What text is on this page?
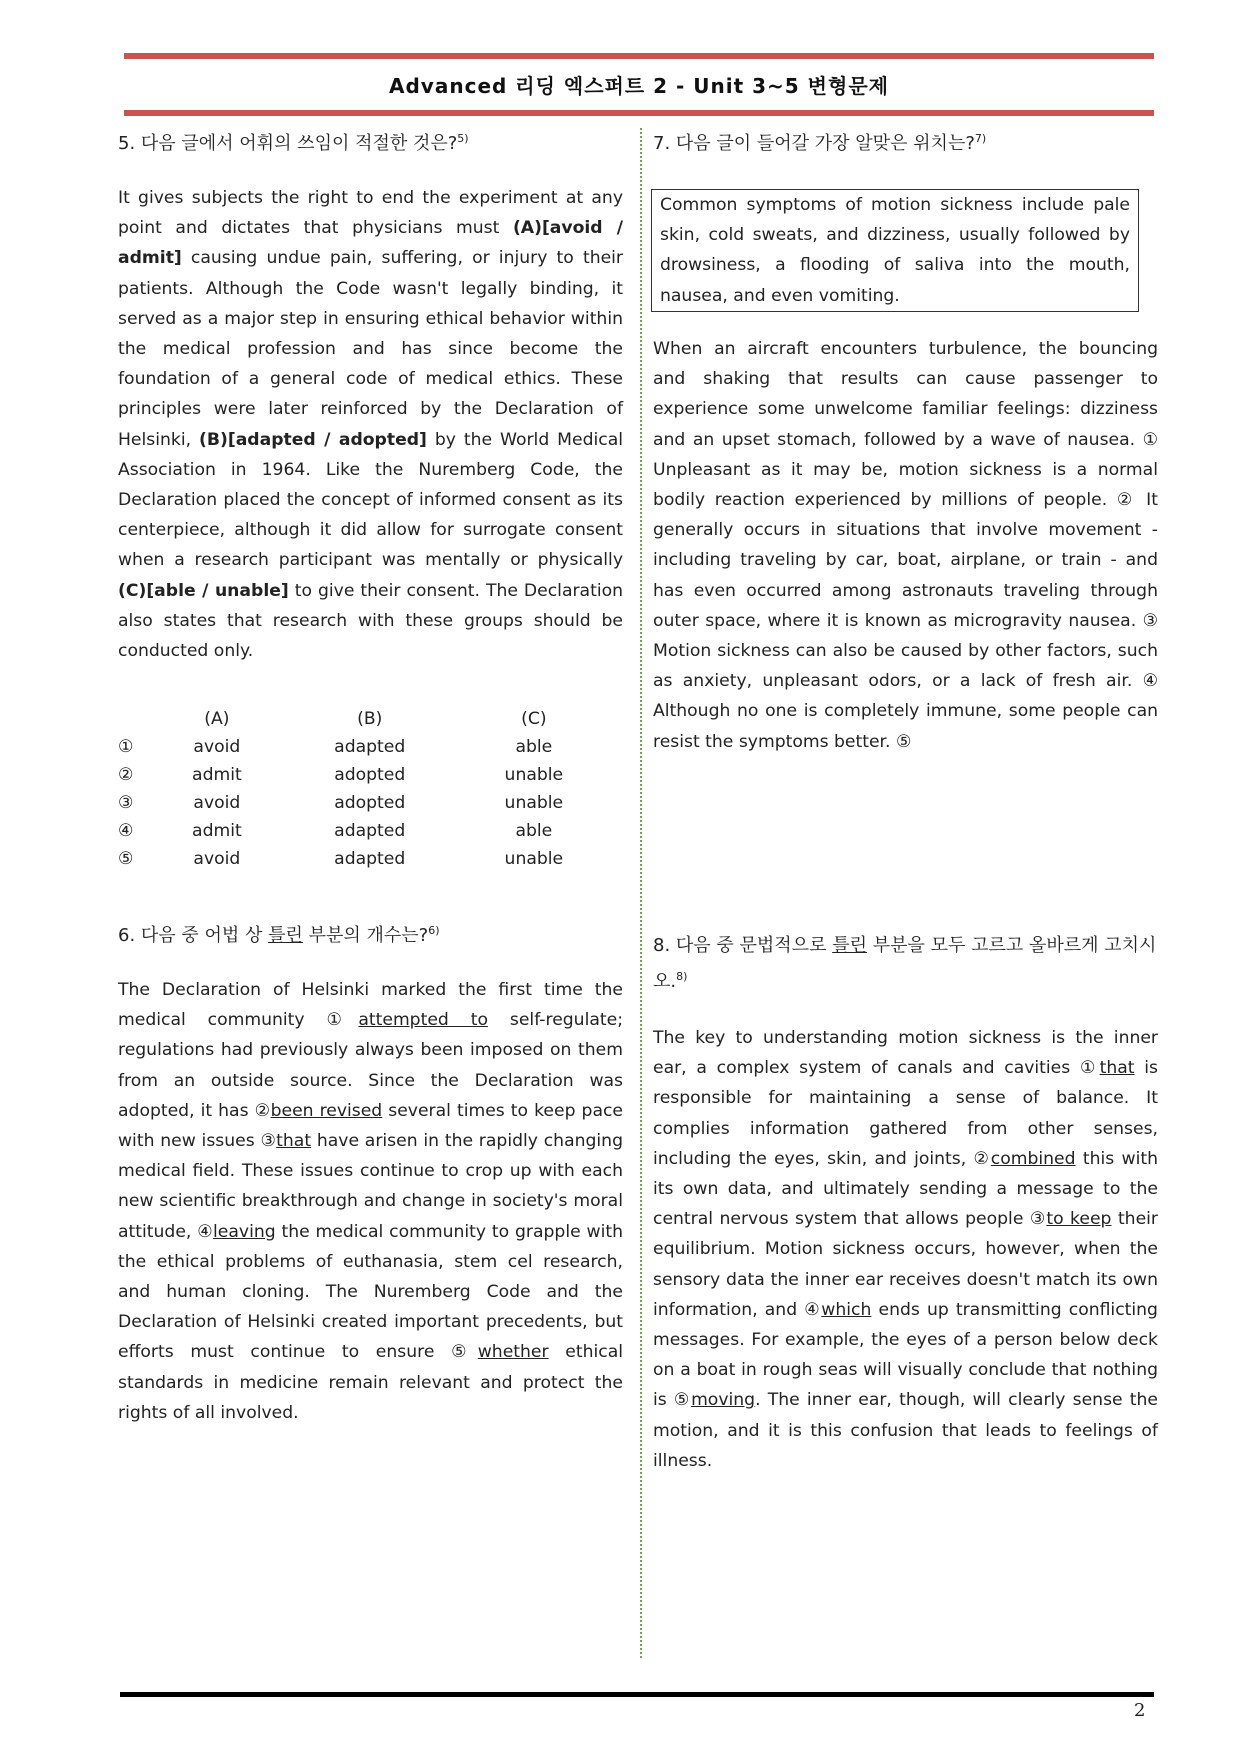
Advanced 리딩 엑스퍼트 2 - Unit 3~5 변형문제

5. 다음 글에서 어휘의 쓰임이 적절한 것은?$^{5)}$

It gives subjects the right to end the experiment at any point and dictates that physicians must (A)[avoid / admit] causing undue pain, suffering, or injury to their patients. Although the Code wasn't legally binding, it served as a major step in ensuring ethical behavior within the medical profession and has since become the foundation of a general code of medical ethics. These principles were later reinforced by the Declaration of Helsinki, (B)[adapted / adopted] by the World Medical Association in 1964. Like the Nuremberg Code, the Declaration placed the concept of informed consent as its centerpiece, although it did allow for surrogate consent when a research participant was mentally or physically (C)[able / unable] to give their consent. The Declaration also states that research with these groups should be conducted only.

	(A)	(B)	(C)
①	avoid	adapted	able
②	admit	adopted	unable
③	avoid	adopted	unable
④	admit	adapted	able
⑤	avoid	adapted	unable

6. 다음 중 어법 상 틀린 부분의 개수는?$^{6)}$

The Declaration of Helsinki marked the first time the medical community ①attempted to self-regulate; regulations had previously always been imposed on them from an outside source. Since the Declaration was adopted, it has ②been revised several times to keep pace with new issues ③that have arisen in the rapidly changing medical field. These issues continue to crop up with each new scientific breakthrough and change in society's moral attitude, ④leaving the medical community to grapple with the ethical problems of euthanasia, stem cel research, and human cloning. The Nuremberg Code and the Declaration of Helsinki created important precedents, but efforts must continue to ensure ⑤whether ethical standards in medicine remain relevant and protect the rights of all involved.

7. 다음 글이 들어갈 가장 알맞은 위치는?$^{7)}$

Common symptoms of motion sickness include pale skin, cold sweats, and dizziness, usually followed by drowsiness, a flooding of saliva into the mouth, nausea, and even vomiting.

When an aircraft encounters turbulence, the bouncing and shaking that results can cause passenger to experience some unwelcome familiar feelings: dizziness and an upset stomach, followed by a wave of nausea. ① Unpleasant as it may be, motion sickness is a normal bodily reaction experienced by millions of people. ② It generally occurs in situations that involve movement - including traveling by car, boat, airplane, or train - and has even occurred among astronauts traveling through outer space, where it is known as microgravity nausea. ③ Motion sickness can also be caused by other factors, such as anxiety, unpleasant odors, or a lack of fresh air. ④ Although no one is completely immune, some people can resist the symptoms better. ⑤

8. 다음 중 문법적으로 틀린 부분을 모두 고르고 올바르게 고치시오.$^{8)}$

The key to understanding motion sickness is the inner ear, a complex system of canals and cavities ①that is responsible for maintaining a sense of balance. It complies information gathered from other senses, including the eyes, skin, and joints, ②combined this with its own data, and ultimately sending a message to the central nervous system that allows people ③to keep their equilibrium. Motion sickness occurs, however, when the sensory data the inner ear receives doesn't match its own information, and ④which ends up transmitting conflicting messages. For example, the eyes of a person below deck on a boat in rough seas will visually conclude that nothing is ⑤moving. The inner ear, though, will clearly sense the motion, and it is this confusion that leads to feelings of illness.

2
